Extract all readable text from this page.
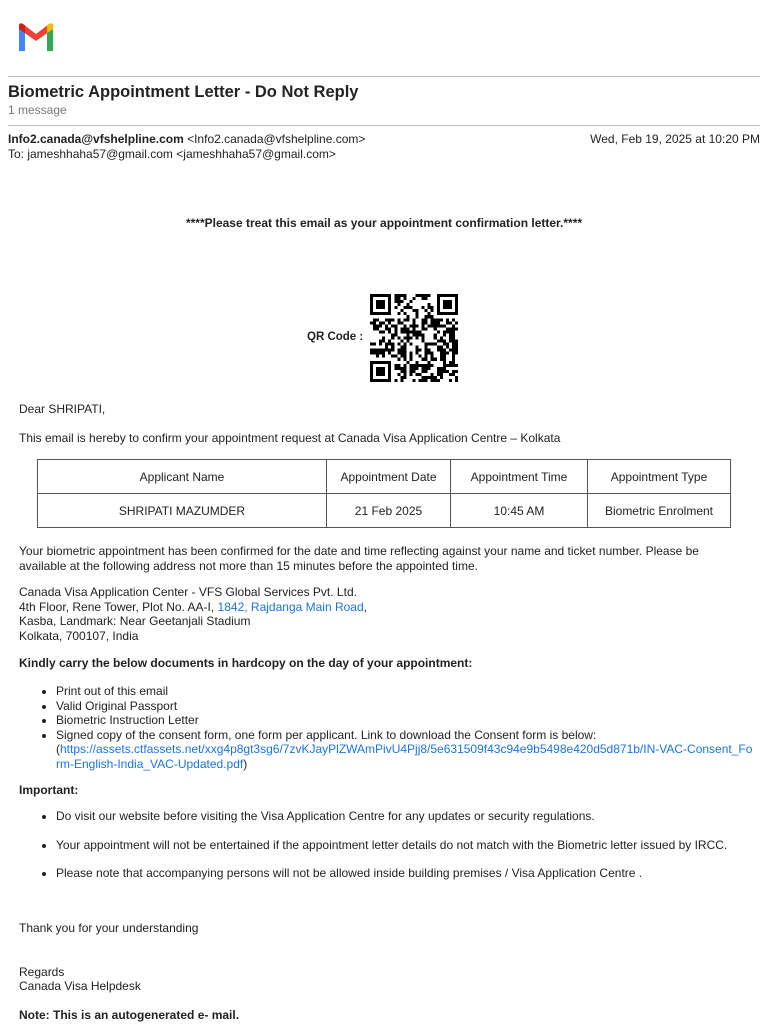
Biometric Appointment Letter - Do Not Reply
1 message
Info2.canada@vfshelpline.com <Info2.canada@vfshelpline.com>
To: jameshhaha57@gmail.com <jameshhaha57@gmail.com>
Wed, Feb 19, 2025 at 10:20 PM
****Please treat this email as your appointment confirmation letter.****
QR Code :
Dear SHRIPATI,
This email is hereby to confirm your appointment request at Canada Visa Application Centre – Kolkata
Applicant Name	Appointment Date	Appointment Time	Appointment Type
SHRIPATI MAZUMDER	21 Feb 2025	10:45 AM	Biometric Enrolment
Your biometric appointment has been confirmed for the date and time reflecting against your name and ticket number. Please be
available at the following address not more than 15 minutes before the appointed time.
Canada Visa Application Center - VFS Global Services Pvt. Ltd.
4th Floor, Rene Tower, Plot No. AA-I, 1842, Rajdanga Main Road,
Kasba, Landmark: Near Geetanjali Stadium
Kolkata, 700107, India
Kindly carry the below documents in hardcopy on the day of your appointment:
• Print out of this email
• Valid Original Passport
• Biometric Instruction Letter
• Signed copy of the consent form, one form per applicant. Link to download the Consent form is below:
(https://assets.ctfassets.net/xxg4p8gt3sg6/7zvKJayPlZWAmPivU4Pjj8/5e631509f43c94e9b5498e420d5d871b/IN-VAC-Consent_Form-English-India_VAC-Updated.pdf)
Important:
• Do visit our website before visiting the Visa Application Centre for any updates or security regulations.
• Your appointment will not be entertained if the appointment letter details do not match with the Biometric letter issued by IRCC.
• Please note that accompanying persons will not be allowed inside building premises / Visa Application Centre .
Thank you for your understanding
Regards
Canada Visa Helpdesk
Note: This is an autogenerated e- mail.
